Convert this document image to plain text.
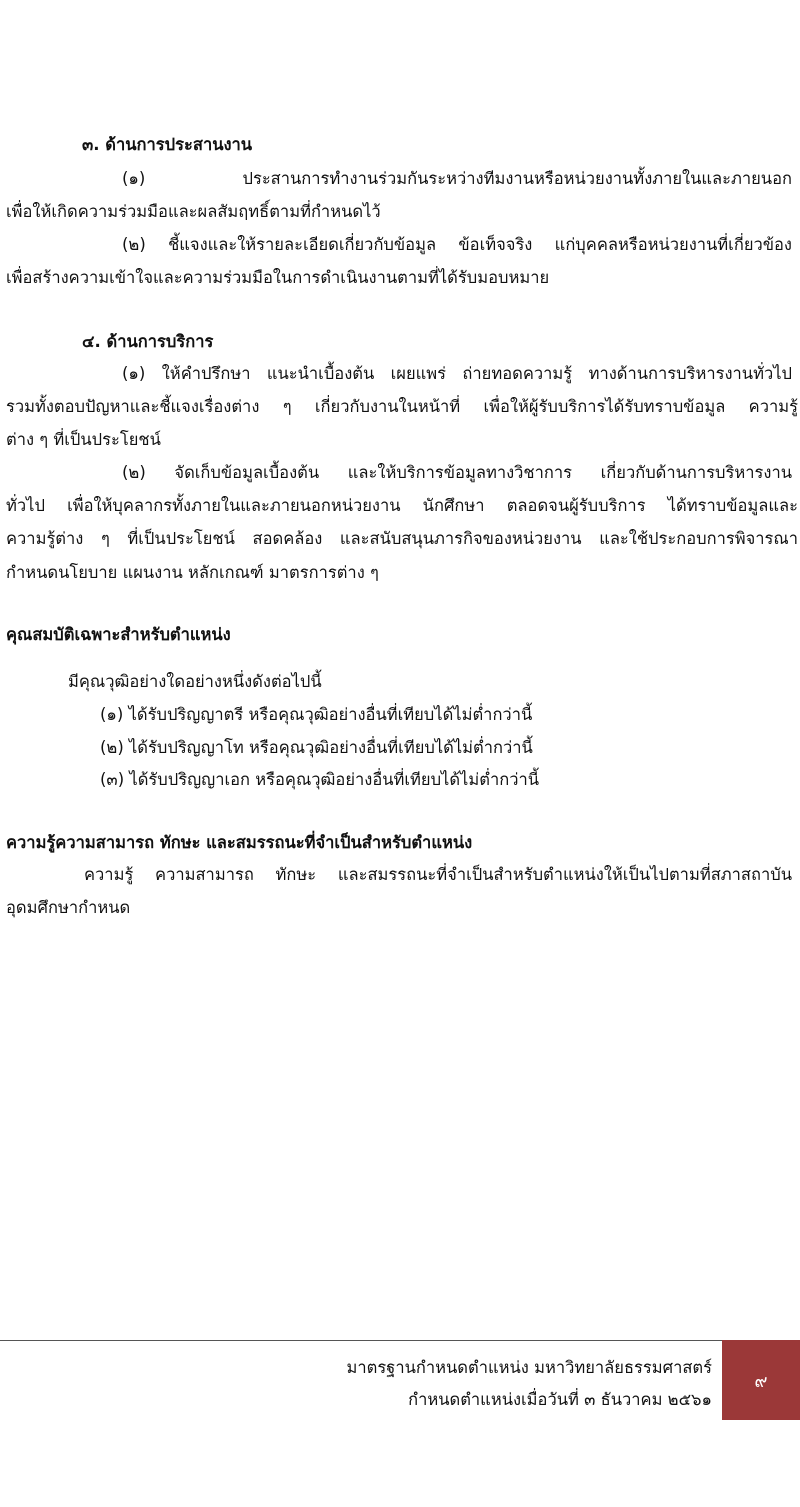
๓. ด้านการประสานงาน
(๑) ประสานการทำงานร่วมกันระหว่างทีมงานหรือหน่วยงานทั้งภายในและภายนอก
เพื่อให้เกิดความร่วมมือและผลสัมฤทธิ์ตามที่กำหนดไว้
(๒) ชี้แจงและให้รายละเอียดเกี่ยวกับข้อมูล ข้อเท็จจริง แก่บุคคลหรือหน่วยงานที่เกี่ยวข้อง
เพื่อสร้างความเข้าใจและความร่วมมือในการดำเนินงานตามที่ได้รับมอบหมาย
๔. ด้านการบริการ
(๑) ให้คำปรึกษา แนะนำเบื้องต้น เผยแพร่ ถ่ายทอดความรู้ ทางด้านการบริหารงานทั่วไป
รวมทั้งตอบปัญหาและชี้แจงเรื่องต่าง ๆ เกี่ยวกับงานในหน้าที่ เพื่อให้ผู้รับบริการได้รับทราบข้อมูล ความรู้
ต่าง ๆ ที่เป็นประโยชน์
(๒) จัดเก็บข้อมูลเบื้องต้น และให้บริการข้อมูลทางวิชาการ เกี่ยวกับด้านการบริหารงาน
ทั่วไป เพื่อให้บุคลากรทั้งภายในและภายนอกหน่วยงาน นักศึกษา ตลอดจนผู้รับบริการ ได้ทราบข้อมูลและ
ความรู้ต่าง ๆ ที่เป็นประโยชน์ สอดคล้อง และสนับสนุนภารกิจของหน่วยงาน และใช้ประกอบการพิจารณา
กำหนดนโยบาย แผนงาน หลักเกณฑ์ มาตรการต่าง ๆ
คุณสมบัติเฉพาะสำหรับตำแหน่ง
มีคุณวุฒิอย่างใดอย่างหนึ่งดังต่อไปนี้
(๑) ได้รับปริญญาตรี หรือคุณวุฒิอย่างอื่นที่เทียบได้ไม่ต่ำกว่านี้
(๒) ได้รับปริญญาโท หรือคุณวุฒิอย่างอื่นที่เทียบได้ไม่ต่ำกว่านี้
(๓) ได้รับปริญญาเอก หรือคุณวุฒิอย่างอื่นที่เทียบได้ไม่ต่ำกว่านี้
ความรู้ความสามารถ ทักษะ และสมรรถนะที่จำเป็นสำหรับตำแหน่ง
ความรู้ ความสามารถ ทักษะ และสมรรถนะที่จำเป็นสำหรับตำแหน่งให้เป็นไปตามที่สภาสถาบัน
อุดมศึกษากำหนด
มาตรฐานกำหนดตำแหน่ง มหาวิทยาลัยธรรมศาสตร์
กำหนดตำแหน่งเมื่อวันที่ ๓ ธันวาคม ๒๕๖๑
๙
